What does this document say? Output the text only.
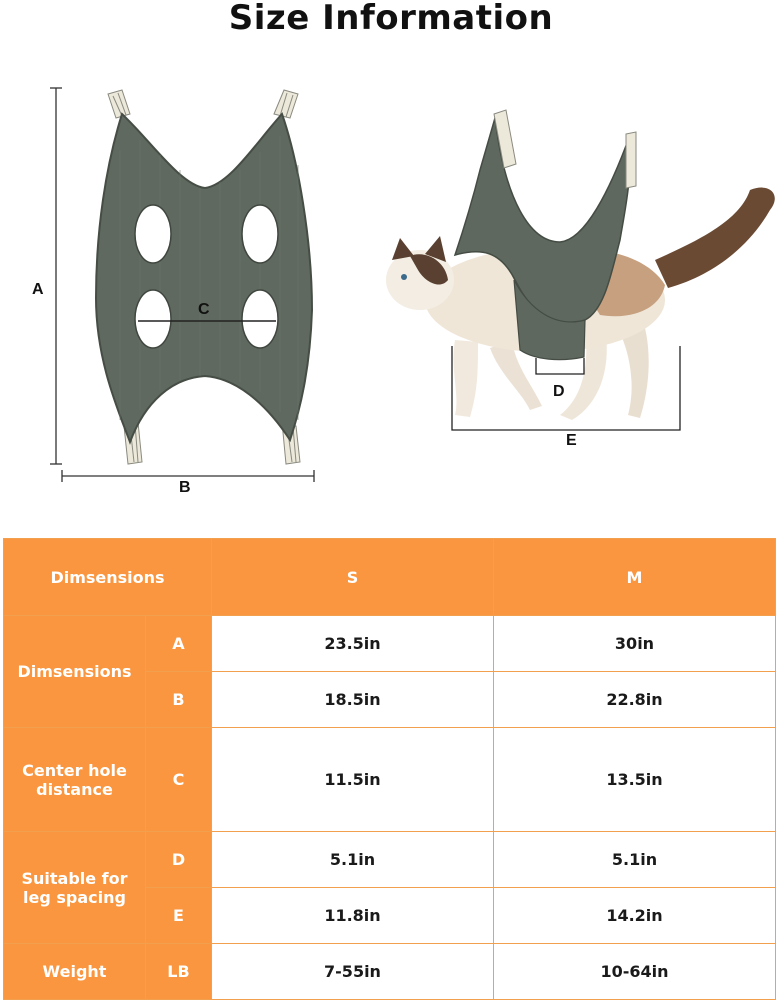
Size Information
A
B
C
D
E
Dimsensions		S	M
Dimsensions	A	23.5in	30in
	B	18.5in	22.8in

Center hole
distance	C	11.5in	13.5in

Suitable for
leg spacing	D	5.1in	5.1in
	E	11.8in	14.2in
Weight	LB	7-55in	10-64in
